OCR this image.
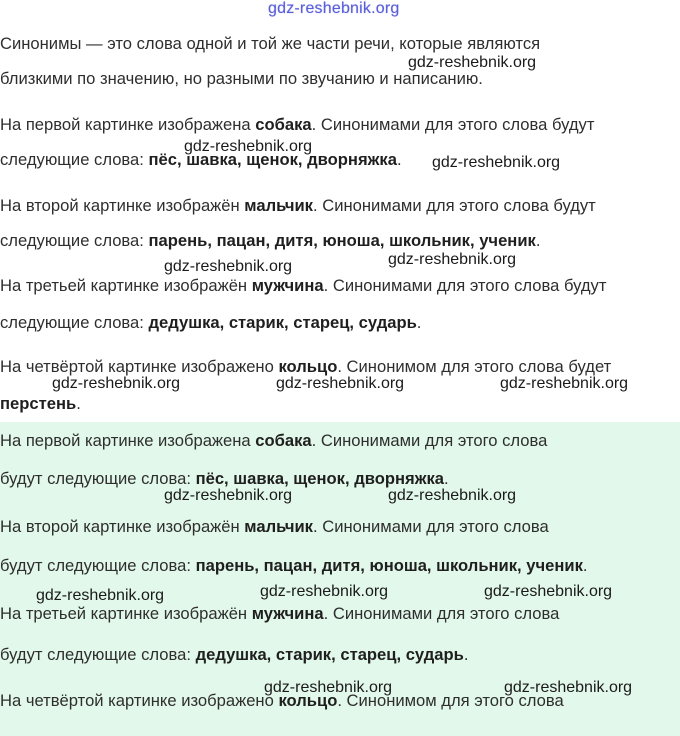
gdz-reshebnik.org
Синонимы — это слова одной и той же части речи, которые являются
близкими по значению, но разными по звучанию и написанию.
На первой картинке изображена собака. Синонимами для этого слова будут
следующие слова: пёс, шавка, щенок, дворняжка.
На второй картинке изображён мальчик. Синонимами для этого слова будут
следующие слова: парень, пацан, дитя, юноша, школьник, ученик.
На третьей картинке изображён мужчина. Синонимами для этого слова будут
следующие слова: дедушка, старик, старец, сударь.
На четвёртой картинке изображено кольцо. Синонимом для этого слова будет
перстень.
На первой картинке изображена собака. Синонимами для этого слова
будут следующие слова: пёс, шавка, щенок, дворняжка.
На второй картинке изображён мальчик. Синонимами для этого слова
будут следующие слова: парень, пацан, дитя, юноша, школьник, ученик.
На третьей картинке изображён мужчина. Синонимами для этого слова
будут следующие слова: дедушка, старик, старец, сударь.
На четвёртой картинке изображено кольцо. Синонимом для этого слова
gdz-reshebnik.org
gdz-reshebnik.org
gdz-reshebnik.org
gdz-reshebnik.org
gdz-reshebnik.org
gdz-reshebnik.org	gdz-reshebnik.org	gdz-reshebnik.org
gdz-reshebnik.org	gdz-reshebnik.org
gdz-reshebnik.org	gdz-reshebnik.org
gdz-reshebnik.org
gdz-reshebnik.org	gdz-reshebnik.org
